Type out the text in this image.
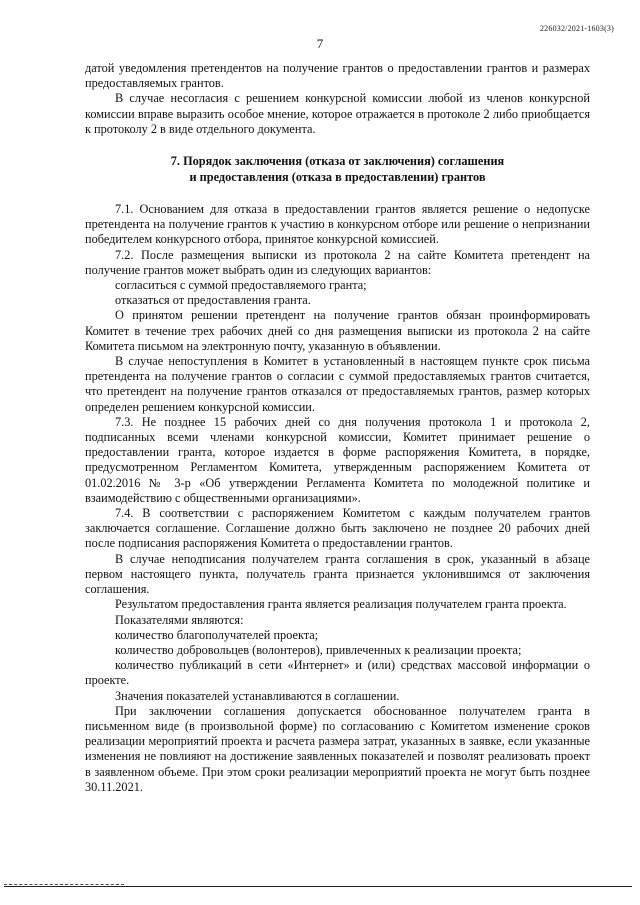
226032/2021-1603(3)
7

датой уведомления претендентов на получение грантов о предоставлении грантов и размерах предоставляемых грантов.

В случае несогласия с решением конкурсной комиссии любой из членов конкурсной комиссии вправе выразить особое мнение, которое отражается в протоколе 2 либо приобщается к протоколу 2 в виде отдельного документа.

7. Порядок заключения (отказа от заключения) соглашения
и предоставления (отказа в предоставлении) грантов

7.1. Основанием для отказа в предоставлении грантов является решение о недопуске претендента на получение грантов к участию в конкурсном отборе или решение о непризнании победителем конкурсного отбора, принятое конкурсной комиссией.

7.2. После размещения выписки из протокола 2 на сайте Комитета претендент на получение грантов может выбрать один из следующих вариантов:

согласиться с суммой предоставляемого гранта;

отказаться от предоставления гранта.

О принятом решении претендент на получение грантов обязан проинформировать Комитет в течение трех рабочих дней со дня размещения выписки из протокола 2 на сайте Комитета письмом на электронную почту, указанную в объявлении.

В случае непоступления в Комитет в установленный в настоящем пункте срок письма претендента на получение грантов о согласии с суммой предоставляемых грантов считается, что претендент на получение грантов отказался от предоставляемых грантов, размер которых определен решением конкурсной комиссии.

7.3. Не позднее 15 рабочих дней со дня получения протокола 1 и протокола 2, подписанных всеми членами конкурсной комиссии, Комитет принимает решение о предоставлении гранта, которое издается в форме распоряжения Комитета, в порядке, предусмотренном Регламентом Комитета, утвержденным распоряжением Комитета от 01.02.2016 № 3-р «Об утверждении Регламента Комитета по молодежной политике и взаимодействию с общественными организациями».

7.4. В соответствии с распоряжением Комитетом с каждым получателем грантов заключается соглашение. Соглашение должно быть заключено не позднее 20 рабочих дней после подписания распоряжения Комитета о предоставлении грантов.

В случае неподписания получателем гранта соглашения в срок, указанный в абзаце первом настоящего пункта, получатель гранта признается уклонившимся от заключения соглашения.

Результатом предоставления гранта является реализация получателем гранта проекта.

Показателями являются:

количество благополучателей проекта;

количество добровольцев (волонтеров), привлеченных к реализации проекта;

количество публикаций в сети «Интернет» и (или) средствах массовой информации о проекте.

Значения показателей устанавливаются в соглашении.

При заключении соглашения допускается обоснованное получателем гранта в письменном виде (в произвольной форме) по согласованию с Комитетом изменение сроков реализации мероприятий проекта и расчета размера затрат, указанных в заявке, если указанные изменения не повлияют на достижение заявленных показателей и позволят реализовать проект в заявленном объеме. При этом сроки реализации мероприятий проекта не могут быть позднее 30.11.2021.
